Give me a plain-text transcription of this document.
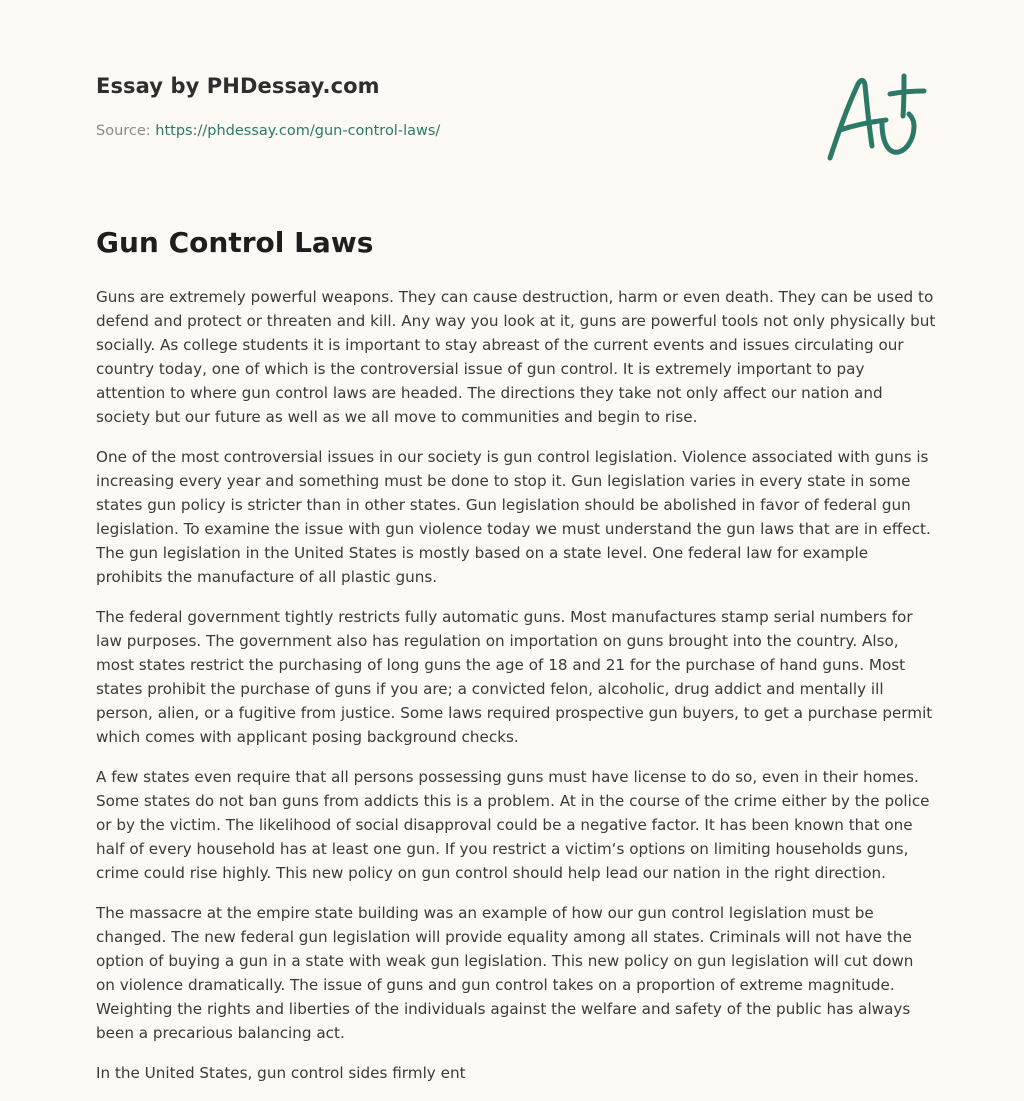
Essay by PHDessay.com
Source: https://phdessay.com/gun-control-laws/
Gun Control Laws

Guns are extremely powerful weapons. They can cause destruction, harm or even death. They can be used to defend and protect or threaten and kill. Any way you look at it, guns are powerful tools not only physically but socially. As college students it is important to stay abreast of the current events and issues circulating our country today, one of which is the controversial issue of gun control. It is extremely important to pay attention to where gun control laws are headed. The directions they take not only affect our nation and society but our future as well as we all move to communities and begin to rise.

One of the most controversial issues in our society is gun control legislation. Violence associated with guns is increasing every year and something must be done to stop it. Gun legislation varies in every state in some states gun policy is stricter than in other states. Gun legislation should be abolished in favor of federal gun legislation. To examine the issue with gun violence today we must understand the gun laws that are in effect. The gun legislation in the United States is mostly based on a state level. One federal law for example prohibits the manufacture of all plastic guns.

The federal government tightly restricts fully automatic guns. Most manufactures stamp serial numbers for law purposes. The government also has regulation on importation on guns brought into the country. Also, most states restrict the purchasing of long guns the age of 18 and 21 for the purchase of hand guns. Most states prohibit the purchase of guns if you are; a convicted felon, alcoholic, drug addict and mentally ill person, alien, or a fugitive from justice. Some laws required prospective gun buyers, to get a purchase permit which comes with applicant posing background checks.

A few states even require that all persons possessing guns must have license to do so, even in their homes. Some states do not ban guns from addicts this is a problem. At in the course of the crime either by the police or by the victim. The likelihood of social disapproval could be a negative factor. It has been known that one half of every household has at least one gun. If you restrict a victim‘s options on limiting households guns, crime could rise highly. This new policy on gun control should help lead our nation in the right direction.

The massacre at the empire state building was an example of how our gun control legislation must be changed. The new federal gun legislation will provide equality among all states. Criminals will not have the option of buying a gun in a state with weak gun legislation. This new policy on gun legislation will cut down on violence dramatically. The issue of guns and gun control takes on a proportion of extreme magnitude. Weighting the rights and liberties of the individuals against the welfare and safety of the public has always been a precarious balancing act.

In the United States, gun control sides firmly ent
